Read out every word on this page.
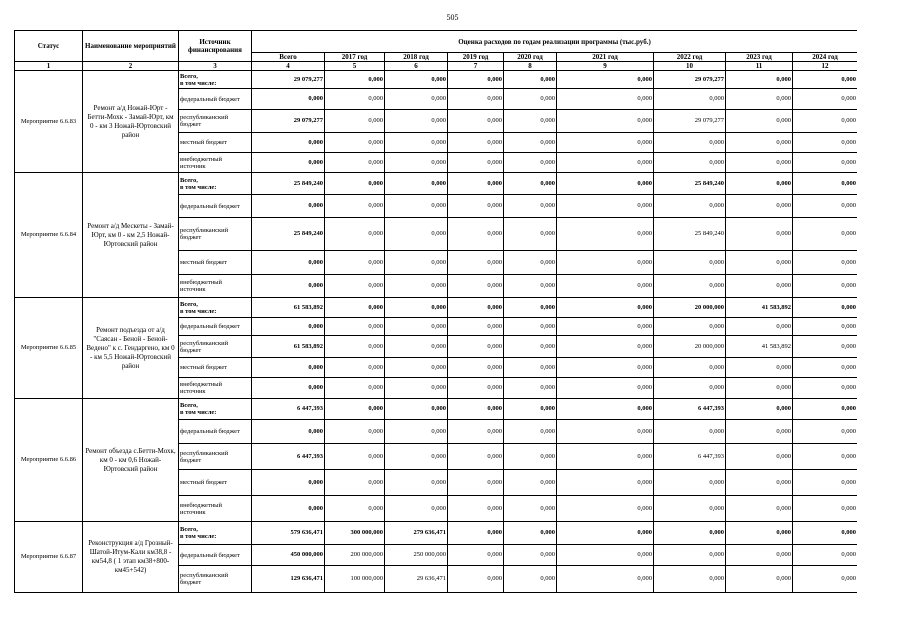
505
Статус	Наименование мероприятий	Источник финансирования	Оценка расходов по годам реализации программы (тыс.руб.)								
			Всего	2017 год	2018 год	2019 год	2020 год	2021 год	2022 год	2023 год	2024 год
1	2	3	4	5	6	7	8	9	10	11	12
Мероприятие 6.6.83	Ремонт а/д Ножай-Юрт - Бетти-Мохк - Замай-Юрт, км 0 - км 3 Ножай-Юртовский район	Всего,
в том числе:	29 079,277	0,000	0,000	0,000	0,000	0,000	29 079,277	0,000	0,000
		федеральный бюджет	0,000	0,000	0,000	0,000	0,000	0,000	0,000	0,000	0,000
		республиканский бюджет	29 079,277	0,000	0,000	0,000	0,000	0,000	29 079,277	0,000	0,000
		местный бюджет	0,000	0,000	0,000	0,000	0,000	0,000	0,000	0,000	0,000
		внебюджетный источник	0,000	0,000	0,000	0,000	0,000	0,000	0,000	0,000	0,000
Мероприятие 6.6.84	Ремонт а/д Мескеты - Замай-Юрт, км 0 - км 2,5 Ножай-Юртовский район	Всего,
в том числе:	25 849,240	0,000	0,000	0,000	0,000	0,000	25 849,240	0,000	0,000
		федеральный бюджет	0,000	0,000	0,000	0,000	0,000	0,000	0,000	0,000	0,000
		республиканский бюджет	25 849,240	0,000	0,000	0,000	0,000	0,000	25 849,240	0,000	0,000
		местный бюджет	0,000	0,000	0,000	0,000	0,000	0,000	0,000	0,000	0,000
		внебюджетный источник	0,000	0,000	0,000	0,000	0,000	0,000	0,000	0,000	0,000
Мероприятие 6.6.85	Ремонт подъезда от а/д "Саясан - Беной - Беной-Ведено" к с. Гендаргено, км 0 - км 5,5 Ножай-Юртовский район	Всего,
в том числе:	61 583,892	0,000	0,000	0,000	0,000	0,000	20 000,000	41 583,892	0,000
		федеральный бюджет	0,000	0,000	0,000	0,000	0,000	0,000	0,000	0,000	0,000
		республиканский бюджет	61 583,892	0,000	0,000	0,000	0,000	0,000	20 000,000	41 583,892	0,000
		местный бюджет	0,000	0,000	0,000	0,000	0,000	0,000	0,000	0,000	0,000
		внебюджетный источник	0,000	0,000	0,000	0,000	0,000	0,000	0,000	0,000	0,000
Мероприятие 6.6.86	Ремонт объезда с.Бетти-Мохк, км 0 - км 0,6 Ножай-Юртовский район	Всего,
в том числе:	6 447,393	0,000	0,000	0,000	0,000	0,000	6 447,393	0,000	0,000
		федеральный бюджет	0,000	0,000	0,000	0,000	0,000	0,000	0,000	0,000	0,000
		республиканский бюджет	6 447,393	0,000	0,000	0,000	0,000	0,000	6 447,393	0,000	0,000
		местный бюджет	0,000	0,000	0,000	0,000	0,000	0,000	0,000	0,000	0,000
		внебюджетный источник	0,000	0,000	0,000	0,000	0,000	0,000	0,000	0,000	0,000
Мероприятие 6.6.87	Реконструкция а/д Грозный-Шатой-Итум-Кали км38,8 - км54,8 ( 1 этап км38+800-км45+542)	Всего,
в том числе:	579 636,471	300 000,000	279 636,471	0,000	0,000	0,000	0,000	0,000	0,000
		федеральный бюджет	450 000,000	200 000,000	250 000,000	0,000	0,000	0,000	0,000	0,000	0,000
		республиканский бюджет	129 636,471	100 000,000	29 636,471	0,000	0,000	0,000	0,000	0,000	0,000
